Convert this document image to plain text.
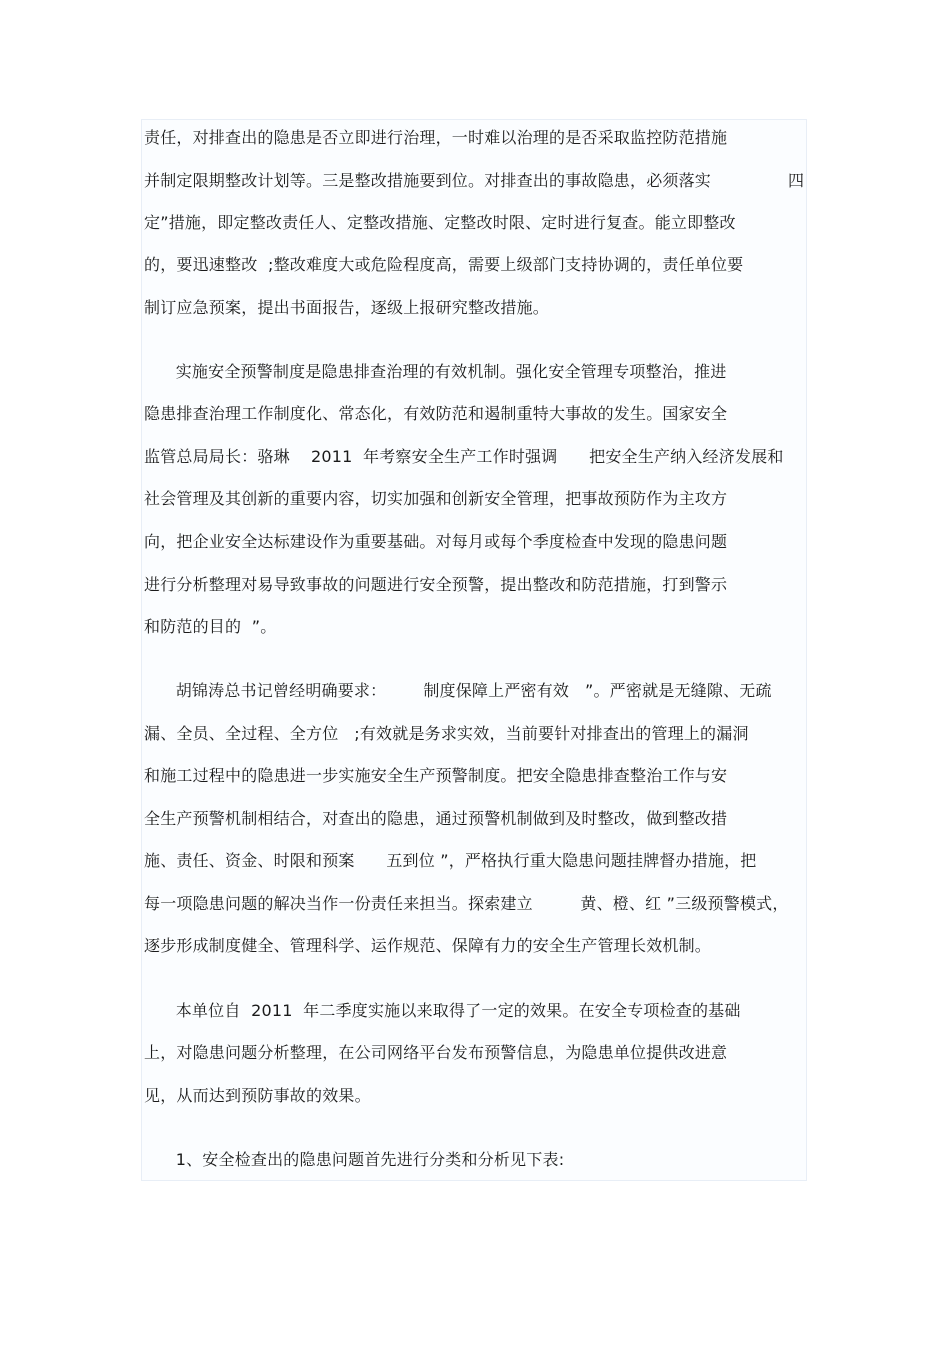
责任，对排查出的隐患是否立即进行治理，一时难以治理的是否采取监控防范措施
并制定限期整改计划等。三是整改措施要到位。对排查出的事故隐患，必须落实	四
定”措施，即定整改责任人、定整改措施、定整改时限、定时进行复查。能立即整改
的，要迅速整改  ;整改难度大或危险程度高，需要上级部门支持协调的，责任单位要
制订应急预案，提出书面报告，逐级上报研究整改措施。
实施安全预警制度是隐患排查治理的有效机制。强化安全管理专项整治，推进
隐患排查治理工作制度化、常态化，有效防范和遏制重特大事故的发生。国家安全
监管总局局长：骆琳    2011  年考察安全生产工作时强调      把安全生产纳入经济发展和
社会管理及其创新的重要内容，切实加强和创新安全管理，把事故预防作为主攻方
向，把企业安全达标建设作为重要基础。对每月或每个季度检查中发现的隐患问题
进行分析整理对易导致事故的问题进行安全预警，提出整改和防范措施，打到警示
和防范的目的  ”。
胡锦涛总书记曾经明确要求：       制度保障上严密有效   ”。严密就是无缝隙、无疏
漏、全员、全过程、全方位   ;有效就是务求实效，当前要针对排查出的管理上的漏洞
和施工过程中的隐患进一步实施安全生产预警制度。把安全隐患排查整治工作与安
全生产预警机制相结合，对查出的隐患，通过预警机制做到及时整改，做到整改措
施、责任、资金、时限和预案      五到位 ”，严格执行重大隐患问题挂牌督办措施，把
每一项隐患问题的解决当作一份责任来担当。探索建立         黄、橙、红 ”三级预警模式，
逐步形成制度健全、管理科学、运作规范、保障有力的安全生产管理长效机制。
本单位自  2011  年二季度实施以来取得了一定的效果。在安全专项检查的基础
上，对隐患问题分析整理，在公司网络平台发布预警信息，为隐患单位提供改进意
见，从而达到预防事故的效果。
1、安全检查出的隐患问题首先进行分类和分析见下表:
